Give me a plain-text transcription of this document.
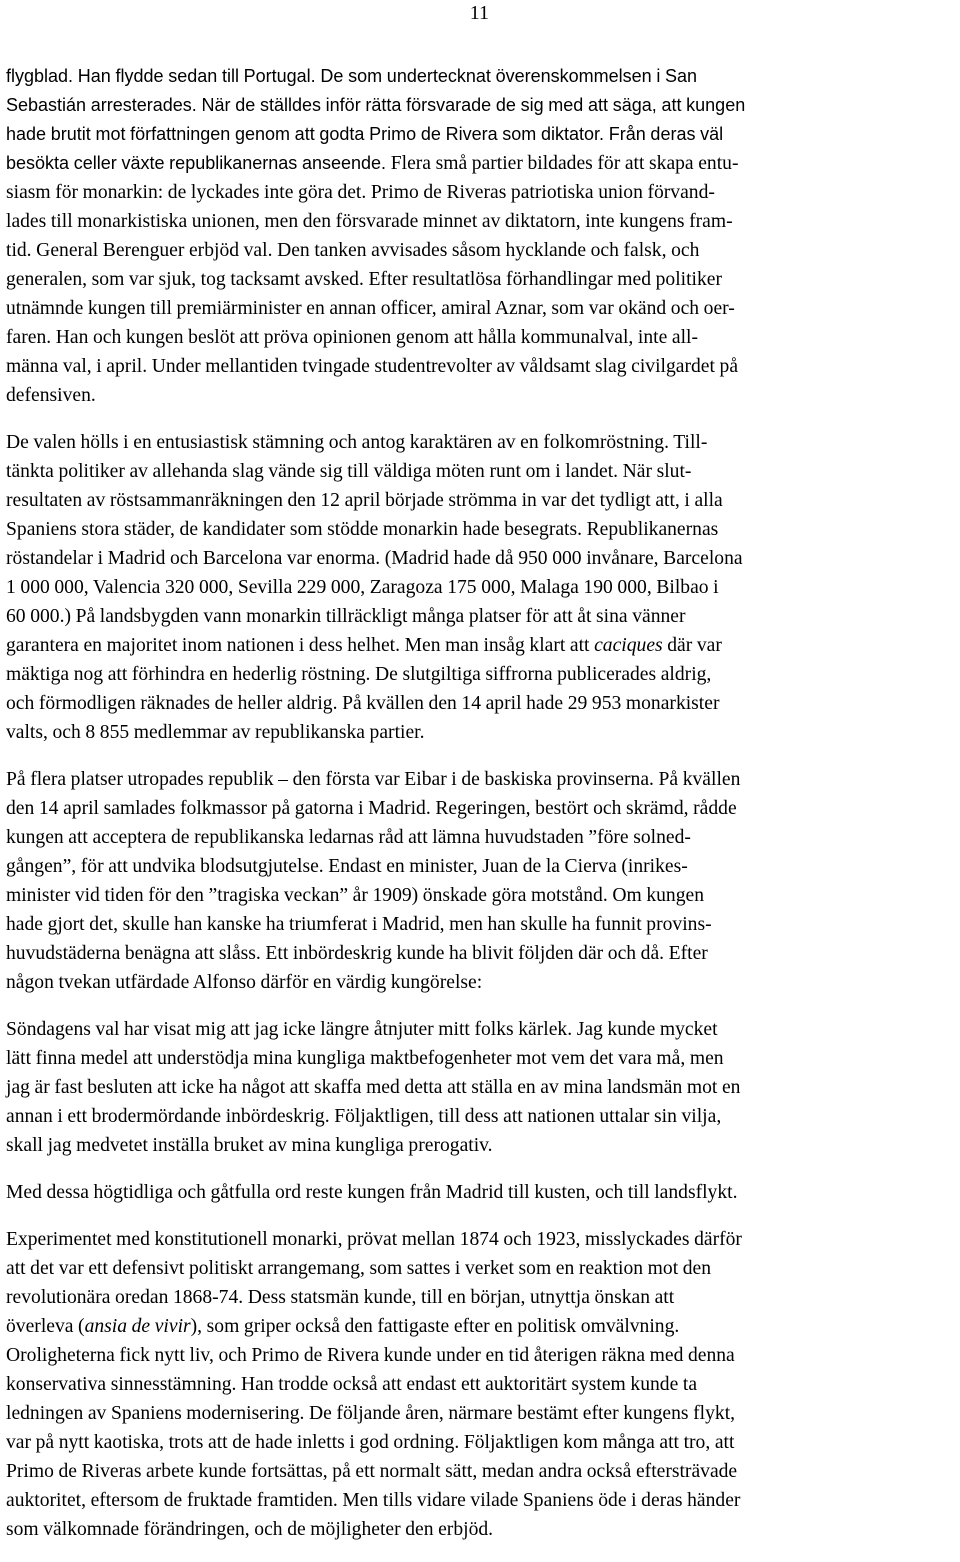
11

flygblad. Han flydde sedan till Portugal. De som undertecknat överenskommelsen i San
Sebastián arresterades. När de ställdes inför rätta försvarade de sig med att säga, att kungen
hade brutit mot författningen genom att godta Primo de Rivera som diktator. Från deras väl
besökta celler växte republikanernas anseende. Flera små partier bildades för att skapa entu-
siasm för monarkin: de lyckades inte göra det. Primo de Riveras patriotiska union förvand-
lades till monarkistiska unionen, men den försvarade minnet av diktatorn, inte kungens fram-
tid. General Berenguer erbjöd val. Den tanken avvisades såsom hycklande och falsk, och
generalen, som var sjuk, tog tacksamt avsked. Efter resultatlösa förhandlingar med politiker
utnämnde kungen till premiärminister en annan officer, amiral Aznar, som var okänd och oer-
faren. Han och kungen beslöt att pröva opinionen genom att hålla kommunalval, inte all-
männa val, i april. Under mellantiden tvingade studentrevolter av våldsamt slag civilgardet på
defensiven.

De valen hölls i en entusiastisk stämning och antog karaktären av en folkomröstning. Till-
tänkta politiker av allehanda slag vände sig till väldiga möten runt om i landet. När slut-
resultaten av röstsammanräkningen den 12 april började strömma in var det tydligt att, i alla
Spaniens stora städer, de kandidater som stödde monarkin hade besegrats. Republikanernas
röstandelar i Madrid och Barcelona var enorma. (Madrid hade då 950 000 invånare, Barcelona
1 000 000, Valencia 320 000, Sevilla 229 000, Zaragoza 175 000, Malaga 190 000, Bilbao i
60 000.) På landsbygden vann monarkin tillräckligt många platser för att åt sina vänner
garantera en majoritet inom nationen i dess helhet. Men man insåg klart att caciques där var
mäktiga nog att förhindra en hederlig röstning. De slutgiltiga siffrorna publicerades aldrig,
och förmodligen räknades de heller aldrig. På kvällen den 14 april hade 29 953 monarkister
valts, och 8 855 medlemmar av republikanska partier.

På flera platser utropades republik – den första var Eibar i de baskiska provinserna. På kvällen
den 14 april samlades folkmassor på gatorna i Madrid. Regeringen, bestört och skrämd, rådde
kungen att acceptera de republikanska ledarnas råd att lämna huvudstaden ”före solned-
gången”, för att undvika blodsutgjutelse. Endast en minister, Juan de la Cierva (inrikes-
minister vid tiden för den ”tragiska veckan” år 1909) önskade göra motstånd. Om kungen
hade gjort det, skulle han kanske ha triumferat i Madrid, men han skulle ha funnit provins-
huvudstäderna benägna att slåss. Ett inbördeskrig kunde ha blivit följden där och då. Efter
någon tvekan utfärdade Alfonso därför en värdig kungörelse:

Söndagens val har visat mig att jag icke längre åtnjuter mitt folks kärlek. Jag kunde mycket
lätt finna medel att understödja mina kungliga maktbefogenheter mot vem det vara må, men
jag är fast besluten att icke ha något att skaffa med detta att ställa en av mina landsmän mot en
annan i ett brodermördande inbördeskrig. Följaktligen, till dess att nationen uttalar sin vilja,
skall jag medvetet inställa bruket av mina kungliga prerogativ.

Med dessa högtidliga och gåtfulla ord reste kungen från Madrid till kusten, och till landsflykt.

Experimentet med konstitutionell monarki, prövat mellan 1874 och 1923, misslyckades därför
att det var ett defensivt politiskt arrangemang, som sattes i verket som en reaktion mot den
revolutionära oredan 1868-74. Dess statsmän kunde, till en början, utnyttja önskan att
överleva (ansia de vivir), som griper också den fattigaste efter en politisk omvälvning.
Oroligheterna fick nytt liv, och Primo de Rivera kunde under en tid återigen räkna med denna
konservativa sinnesstämning. Han trodde också att endast ett auktoritärt system kunde ta
ledningen av Spaniens modernisering. De följande åren, närmare bestämt efter kungens flykt,
var på nytt kaotiska, trots att de hade inletts i god ordning. Följaktligen kom många att tro, att
Primo de Riveras arbete kunde fortsättas, på ett normalt sätt, medan andra också eftersträvade
auktoritet, eftersom de fruktade framtiden. Men tills vidare vilade Spaniens öde i deras händer
som välkomnade förändringen, och de möjligheter den erbjöd.
